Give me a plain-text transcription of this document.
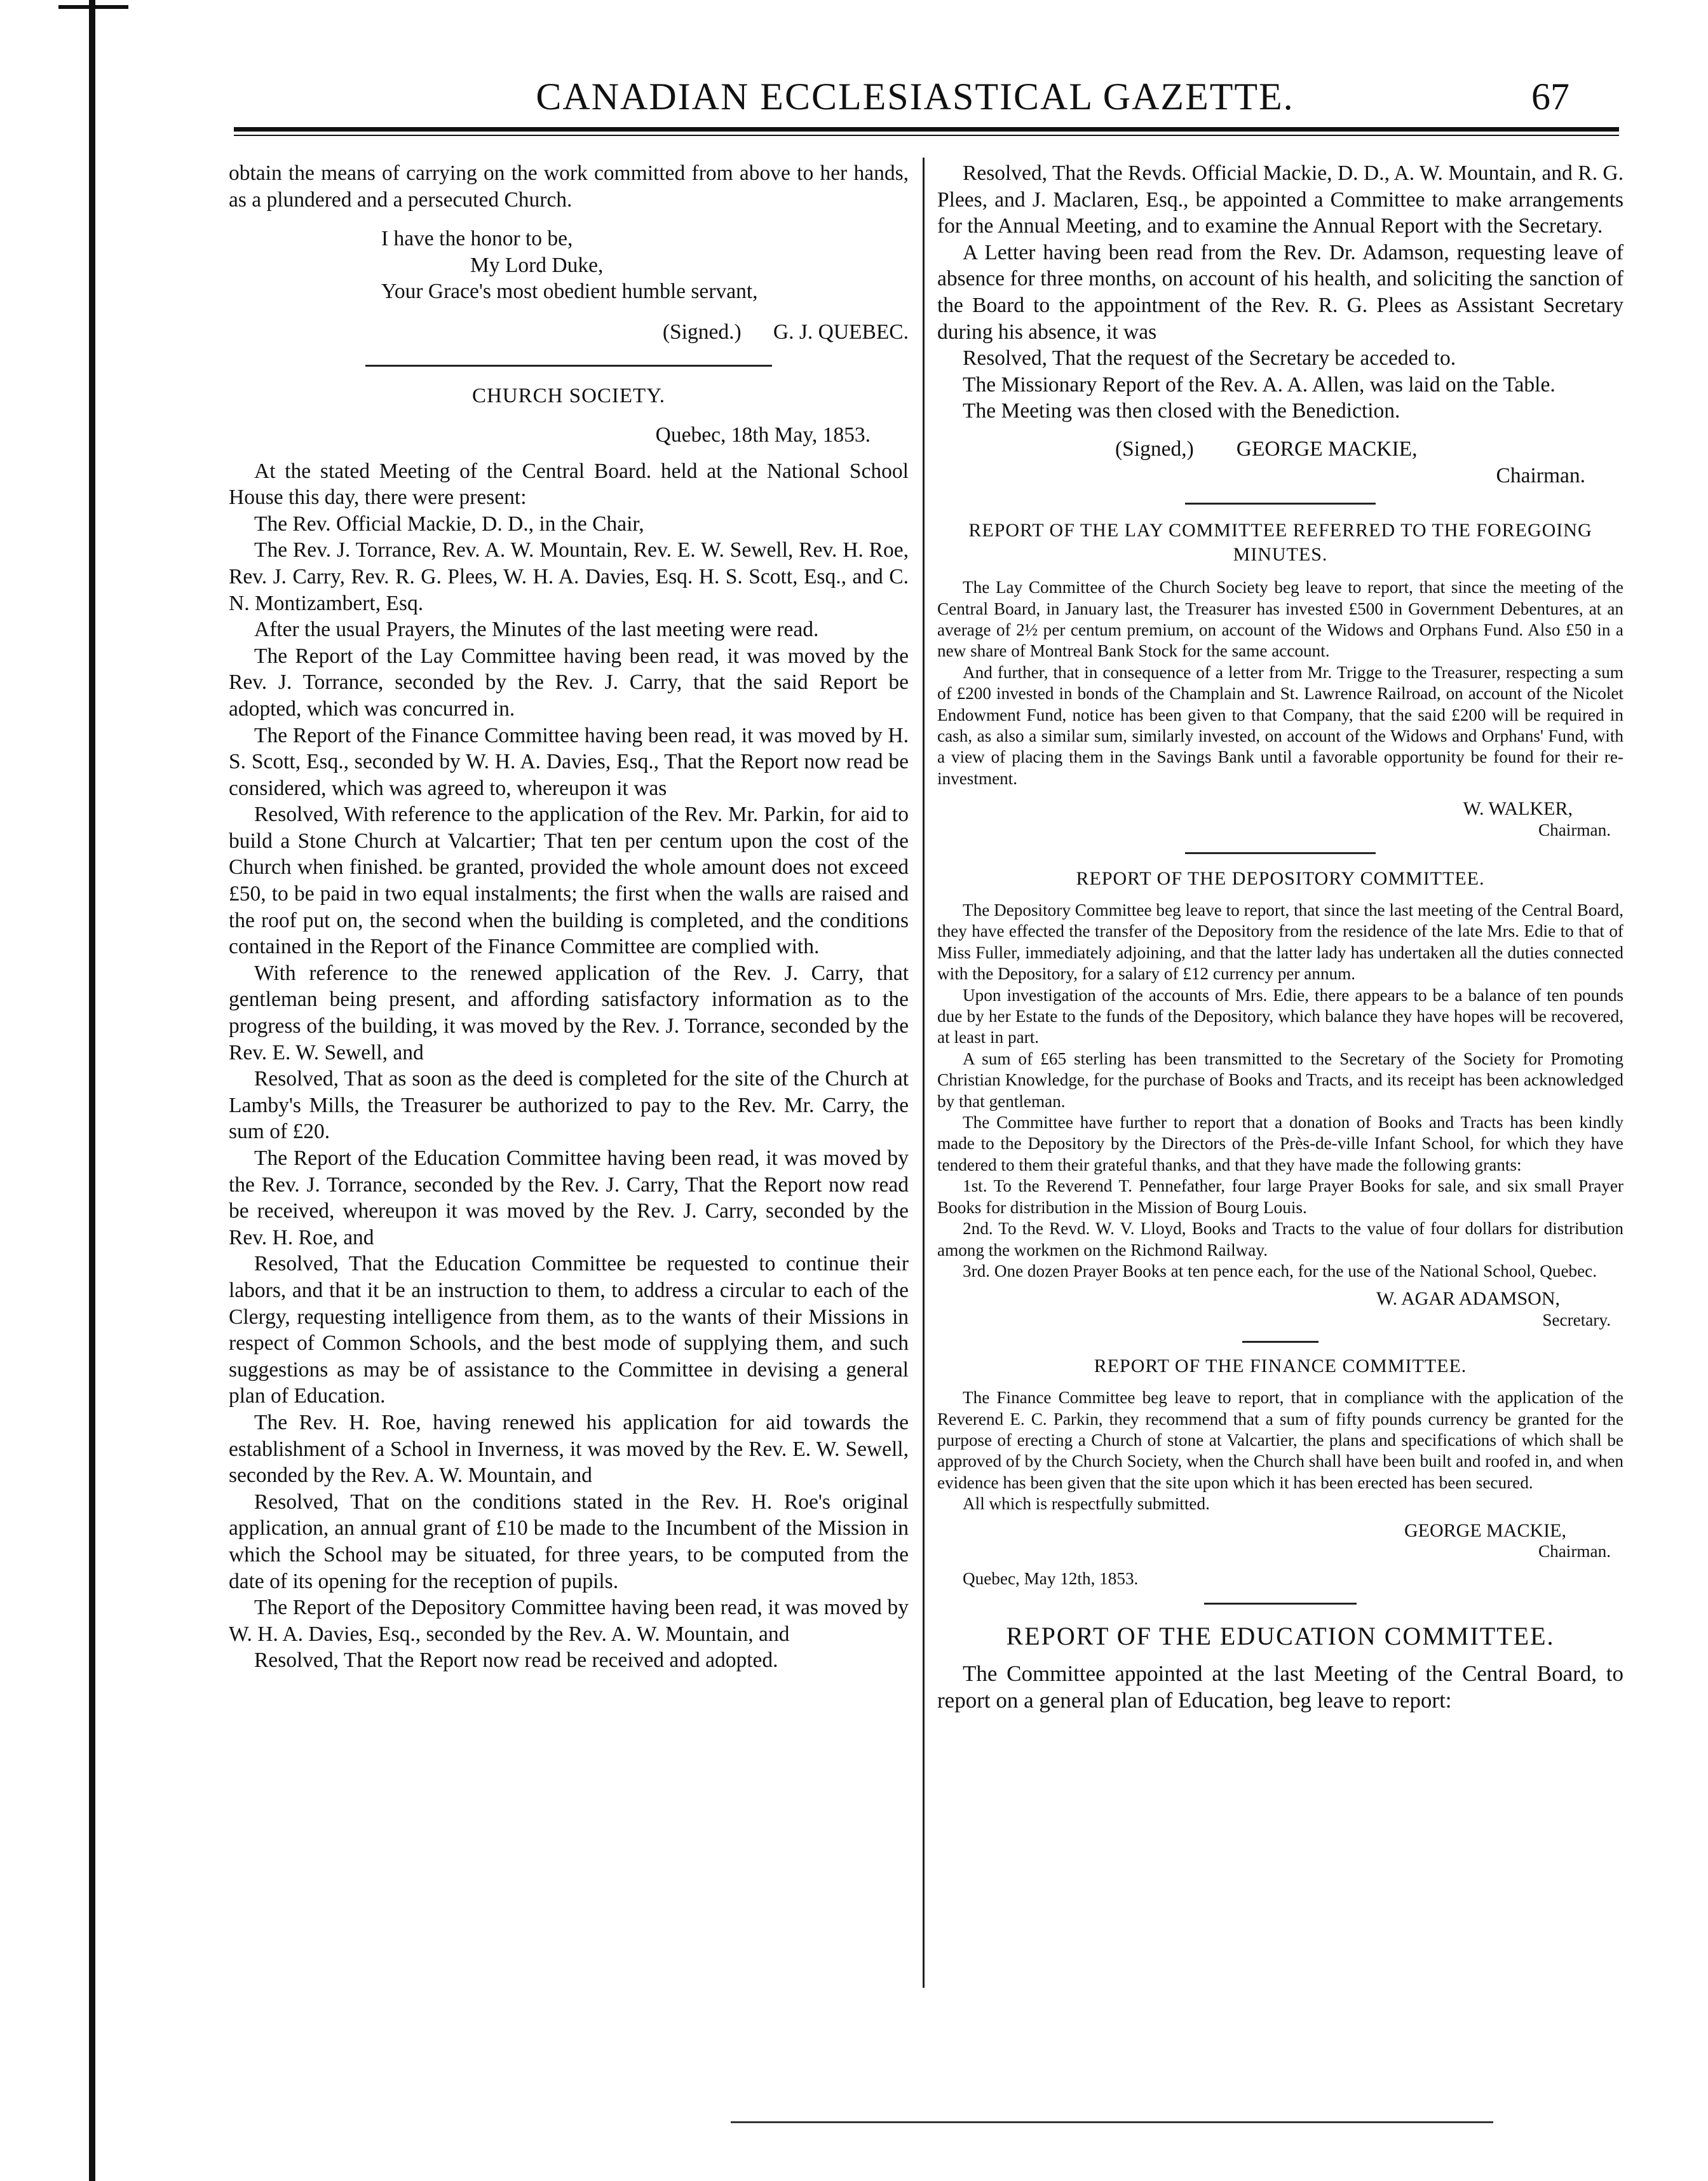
CANADIAN ECCLESIASTICAL GAZETTE.	67

obtain the means of carrying on the work committed from above to her hands, as a plundered and a persecuted Church.

I have the honor to be,

My Lord Duke,

Your Grace's most obedient humble servant,

(Signed.) G. J. QUEBEC.

CHURCH SOCIETY.
Quebec, 18th May, 1853.

At the stated Meeting of the Central Board. held at the National School House this day, there were present:

The Rev. Official Mackie, D. D., in the Chair,

The Rev. J. Torrance, Rev. A. W. Mountain, Rev. E. W. Sewell, Rev. H. Roe, Rev. J. Carry, Rev. R. G. Plees, W. H. A. Davies, Esq. H. S. Scott, Esq., and C. N. Montizambert, Esq.

After the usual Prayers, the Minutes of the last meeting were read.

The Report of the Lay Committee having been read, it was moved by the Rev. J. Torrance, seconded by the Rev. J. Carry, that the said Report be adopted, which was concurred in.

The Report of the Finance Committee having been read, it was moved by H. S. Scott, Esq., seconded by W. H. A. Davies, Esq., That the Report now read be considered, which was agreed to, whereupon it was

Resolved, With reference to the application of the Rev. Mr. Parkin, for aid to build a Stone Church at Valcartier; That ten per centum upon the cost of the Church when finished. be granted, provided the whole amount does not exceed £50, to be paid in two equal instalments; the first when the walls are raised and the roof put on, the second when the building is completed, and the conditions contained in the Report of the Finance Committee are complied with.

With reference to the renewed application of the Rev. J. Carry, that gentleman being present, and affording satisfactory information as to the progress of the building, it was moved by the Rev. J. Torrance, seconded by the Rev. E. W. Sewell, and

Resolved, That as soon as the deed is completed for the site of the Church at Lamby's Mills, the Treasurer be authorized to pay to the Rev. Mr. Carry, the sum of £20.

The Report of the Education Committee having been read, it was moved by the Rev. J. Torrance, seconded by the Rev. J. Carry, That the Report now read be received, whereupon it was moved by the Rev. J. Carry, seconded by the Rev. H. Roe, and

Resolved, That the Education Committee be requested to continue their labors, and that it be an instruction to them, to address a circular to each of the Clergy, requesting intelligence from them, as to the wants of their Missions in respect of Common Schools, and the best mode of supplying them, and such suggestions as may be of assistance to the Committee in devising a general plan of Education.

The Rev. H. Roe, having renewed his application for aid towards the establishment of a School in Inverness, it was moved by the Rev. E. W. Sewell, seconded by the Rev. A. W. Mountain, and

Resolved, That on the conditions stated in the Rev. H. Roe's original application, an annual grant of £10 be made to the Incumbent of the Mission in which the School may be situated, for three years, to be computed from the date of its opening for the reception of pupils.

The Report of the Depository Committee having been read, it was moved by W. H. A. Davies, Esq., seconded by the Rev. A. W. Mountain, and

Resolved, That the Report now read be received and adopted.

Resolved, That the Revds. Official Mackie, D. D., A. W. Mountain, and R. G. Plees, and J. Maclaren, Esq., be appointed a Committee to make arrangements for the Annual Meeting, and to examine the Annual Report with the Secretary.

A Letter having been read from the Rev. Dr. Adamson, requesting leave of absence for three months, on account of his health, and soliciting the sanction of the Board to the appointment of the Rev. R. G. Plees as Assistant Secretary during his absence, it was

Resolved, That the request of the Secretary be acceded to.

The Missionary Report of the Rev. A. A. Allen, was laid on the Table.

The Meeting was then closed with the Benediction.

(Signed,) GEORGE MACKIE,

Chairman.

REPORT OF THE LAY COMMITTEE REFERRED TO THE FOREGOING MINUTES.

The Lay Committee of the Church Society beg leave to report, that since the meeting of the Central Board, in January last, the Treasurer has invested £500 in Government Debentures, at an average of 2½ per centum premium, on account of the Widows and Orphans Fund. Also £50 in a new share of Montreal Bank Stock for the same account.

And further, that in consequence of a letter from Mr. Trigge to the Treasurer, respecting a sum of £200 invested in bonds of the Champlain and St. Lawrence Railroad, on account of the Nicolet Endowment Fund, notice has been given to that Company, that the said £200 will be required in cash, as also a similar sum, similarly invested, on account of the Widows and Orphans' Fund, with a view of placing them in the Savings Bank until a favorable opportunity be found for their re-investment.

W. WALKER,

Chairman.

REPORT OF THE DEPOSITORY COMMITTEE.

The Depository Committee beg leave to report, that since the last meeting of the Central Board, they have effected the transfer of the Depository from the residence of the late Mrs. Edie to that of Miss Fuller, immediately adjoining, and that the latter lady has undertaken all the duties connected with the Depository, for a salary of £12 currency per annum.

Upon investigation of the accounts of Mrs. Edie, there appears to be a balance of ten pounds due by her Estate to the funds of the Depository, which balance they have hopes will be recovered, at least in part.

A sum of £65 sterling has been transmitted to the Secretary of the Society for Promoting Christian Knowledge, for the purchase of Books and Tracts, and its receipt has been acknowledged by that gentleman.

The Committee have further to report that a donation of Books and Tracts has been kindly made to the Depository by the Directors of the Près-de-ville Infant School, for which they have tendered to them their grateful thanks, and that they have made the following grants:

1st. To the Reverend T. Pennefather, four large Prayer Books for sale, and six small Prayer Books for distribution in the Mission of Bourg Louis.

2nd. To the Revd. W. V. Lloyd, Books and Tracts to the value of four dollars for distribution among the workmen on the Richmond Railway.

3rd. One dozen Prayer Books at ten pence each, for the use of the National School, Quebec.

W. AGAR ADAMSON,

Secretary.

REPORT OF THE FINANCE COMMITTEE.

The Finance Committee beg leave to report, that in compliance with the application of the Reverend E. C. Parkin, they recommend that a sum of fifty pounds currency be granted for the purpose of erecting a Church of stone at Valcartier, the plans and specifications of which shall be approved of by the Church Society, when the Church shall have been built and roofed in, and when evidence has been given that the site upon which it has been erected has been secured.

All which is respectfully submitted.

GEORGE MACKIE,

Chairman.

Quebec, May 12th, 1853.

REPORT OF THE EDUCATION COMMITTEE.

The Committee appointed at the last Meeting of the Central Board, to report on a general plan of Education, beg leave to report:
